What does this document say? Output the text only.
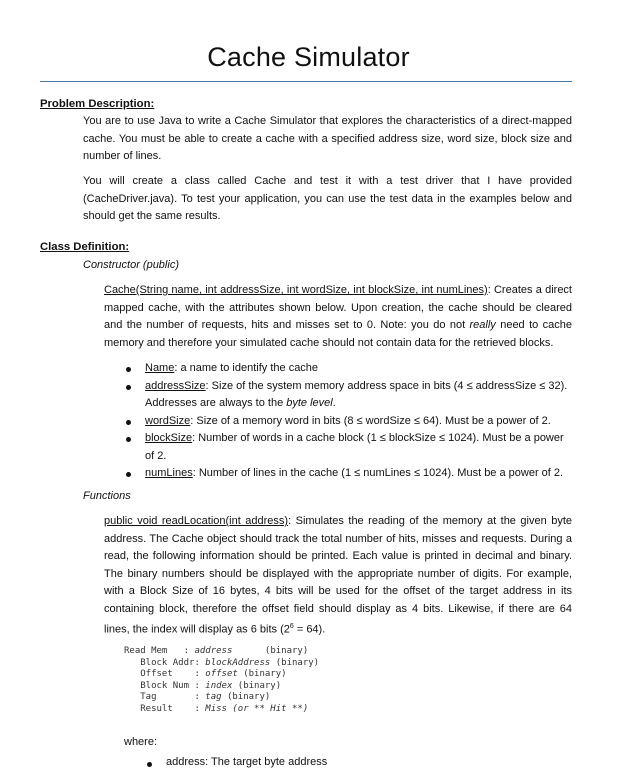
Cache Simulator
Problem Description:
You are to use Java to write a Cache Simulator that explores the characteristics of a direct-mapped cache. You must be able to create a cache with a specified address size, word size, block size and number of lines.
You will create a class called Cache and test it with a test driver that I have provided (CacheDriver.java). To test your application, you can use the test data in the examples below and should get the same results.
Class Definition:
Constructor (public)
Cache(String name, int addressSize, int wordSize, int blockSize, int numLines): Creates a direct mapped cache, with the attributes shown below. Upon creation, the cache should be cleared and the number of requests, hits and misses set to 0. Note: you do not really need to cache memory and therefore your simulated cache should not contain data for the retrieved blocks.
Name: a name to identify the cache
addressSize: Size of the system memory address space in bits (4 ≤ addressSize ≤ 32). Addresses are always to the byte level.
wordSize: Size of a memory word in bits (8 ≤ wordSize ≤ 64). Must be a power of 2.
blockSize: Number of words in a cache block (1 ≤ blockSize ≤ 1024). Must be a power of 2.
numLines: Number of lines in the cache (1 ≤ numLines ≤ 1024). Must be a power of 2.
Functions
public void readLocation(int address): Simulates the reading of the memory at the given byte address. The Cache object should track the total number of hits, misses and requests. During a read, the following information should be printed. Each value is printed in decimal and binary. The binary numbers should be displayed with the appropriate number of digits. For example, with a Block Size of 16 bytes, 4 bits will be used for the offset of the target address in its containing block, therefore the offset field should display as 4 bits. Likewise, if there are 64 lines, the index will display as 6 bits $(2^6 = 64)$.
Read Mem   : address      (binary)
Block Addr: blockAddress (binary)
Offset    : offset (binary)
Block Num : index (binary)
Tag       : tag (binary)
Result    : Miss (or ** Hit **)
where:
address: The target byte address
